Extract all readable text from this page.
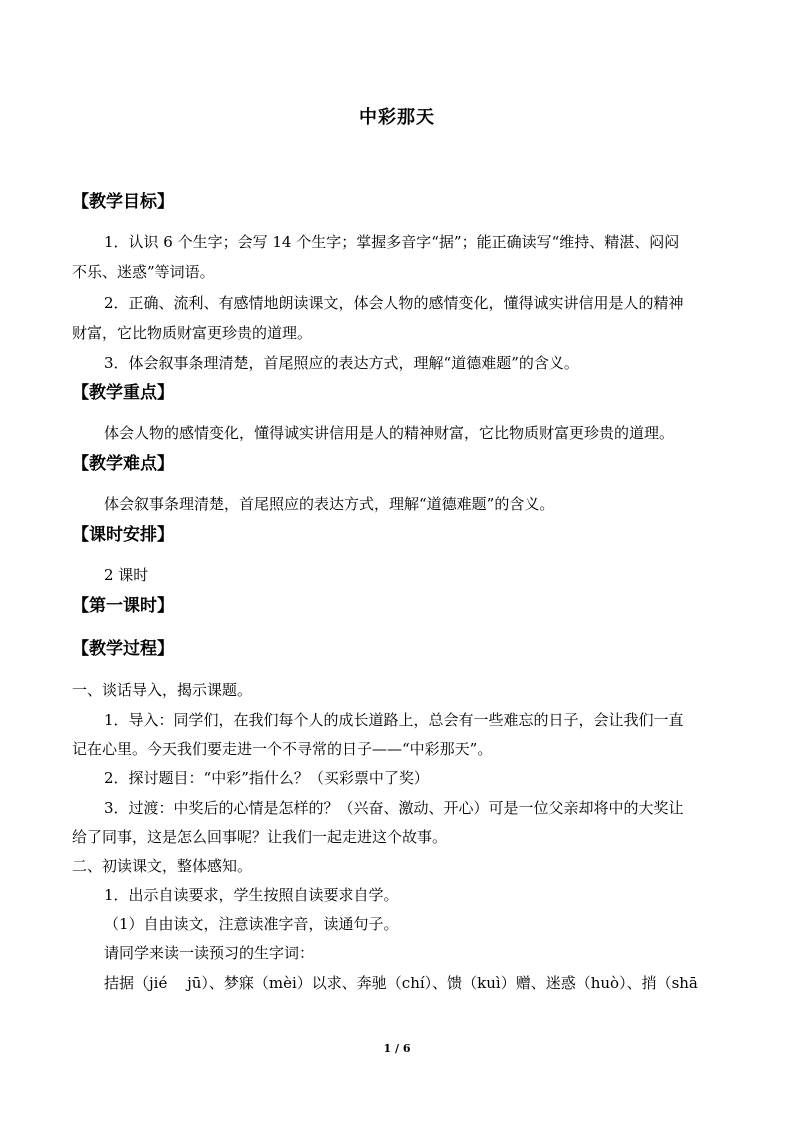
中彩那天
【教学目标】
1．认识 6 个生字；会写 14 个生字；掌握多音字“据”；能正确读写“维持、精湛、闷闷
不乐、迷惑”等词语。
2．正确、流利、有感情地朗读课文，体会人物的感情变化，懂得诚实讲信用是人的精神
财富，它比物质财富更珍贵的道理。
3．体会叙事条理清楚，首尾照应的表达方式，理解“道德难题”的含义。
【教学重点】
体会人物的感情变化，懂得诚实讲信用是人的精神财富，它比物质财富更珍贵的道理。
【教学难点】
体会叙事条理清楚，首尾照应的表达方式，理解“道德难题”的含义。
【课时安排】
2 课时
【第一课时】
【教学过程】
一、谈话导入，揭示课题。
1．导入：同学们，在我们每个人的成长道路上，总会有一些难忘的日子，会让我们一直
记在心里。今天我们要走进一个不寻常的日子——“中彩那天”。
2．探讨题目：“中彩”指什么？（买彩票中了奖）
3．过渡：中奖后的心情是怎样的？（兴奋、激动、开心）可是一位父亲却将中的大奖让
给了同事，这是怎么回事呢？让我们一起走进这个故事。
二、初读课文，整体感知。
1．出示自读要求，学生按照自读要求自学。
（1）自由读文，注意读准字音，读通句子。
请同学来读一读预习的生字词：
拮据（jié　 jū）、梦寐（mèi）以求、奔驰（chí）、馈（kuì）赠、迷惑（huò）、捎（shā
1 / 6
